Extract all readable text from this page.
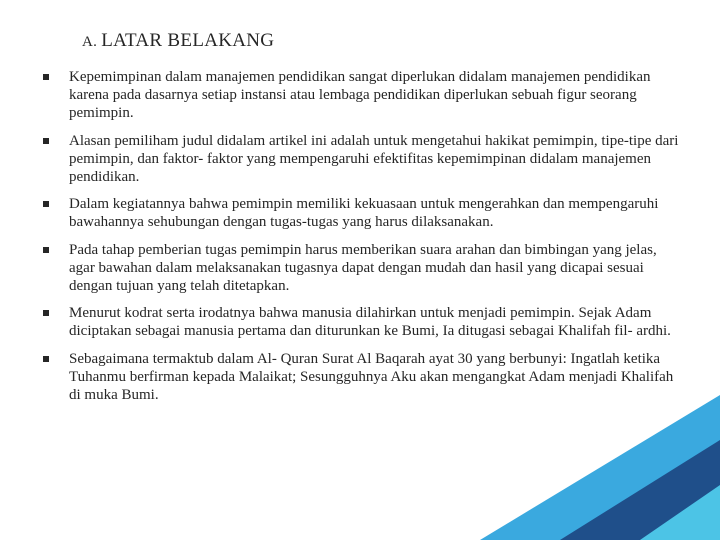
A. LATAR BELAKANG
Kepemimpinan dalam manajemen pendidikan sangat diperlukan didalam manajemen pendidikan karena pada dasarnya setiap instansi atau lembaga pendidikan diperlukan sebuah figur seorang pemimpin.
Alasan pemiliham judul didalam artikel ini adalah untuk mengetahui hakikat pemimpin, tipe-tipe dari pemimpin, dan faktor- faktor yang mempengaruhi efektifitas kepemimpinan didalam manajemen pendidikan.
Dalam kegiatannya bahwa pemimpin memiliki kekuasaan untuk mengerahkan dan mempengaruhi bawahannya sehubungan dengan tugas-tugas yang harus dilaksanakan.
Pada tahap pemberian tugas pemimpin harus memberikan suara arahan dan bimbingan yang jelas, agar bawahan dalam melaksanakan tugasnya dapat dengan mudah dan hasil yang dicapai sesuai dengan tujuan yang telah ditetapkan.
Menurut kodrat serta irodatnya bahwa manusia dilahirkan untuk menjadi pemimpin. Sejak Adam diciptakan sebagai manusia pertama dan diturunkan ke Bumi, Ia ditugasi sebagai Khalifah fil- ardhi.
Sebagaimana termaktub dalam Al- Quran Surat Al Baqarah ayat 30 yang berbunyi: Ingatlah ketika Tuhanmu berfirman kepada Malaikat; Sesungguhnya Aku akan mengangkat Adam menjadi Khalifah di muka Bumi.
